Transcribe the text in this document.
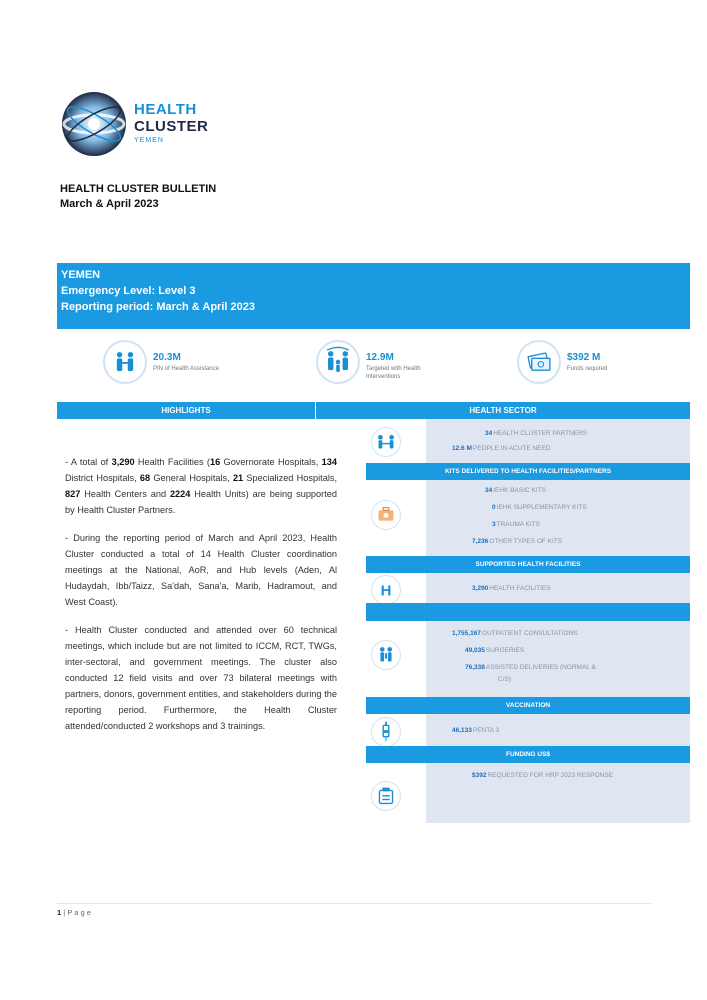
HEALTH
CLUSTER
YEMEN
HEALTH CLUSTER BULLETIN
March & April 2023
YEMEN
Emergency Level: Level 3
Reporting period: March & April 2023
20.3M
PIN of Health Assistance
12.9M
Targeted with Health Interventions
$392 M
Funds required
HIGHLIGHTS	HEALTH SECTOR

- A total of 3,290 Health Facilities (16 Governorate Hospitals, 134 District Hospitals, 68 General Hospitals, 21 Specialized Hospitals, 827 Health Centers and 2224 Health Units) are being supported by Health Cluster Partners.

- During the reporting period of March and April 2023, Health Cluster conducted a total of 14 Health Cluster coordination meetings at the National, AoR, and Hub levels (Aden, Al Hudaydah, Ibb/Taizz, Sa'dah, Sana'a, Marib, Hadramout, and West Coast).

- Health Cluster conducted and attended over 60 technical meetings, which include but are not limited to ICCM, RCT, TWGs, inter-sectoral, and government meetings. The cluster also conducted 12 field visits and over 73 bilateral meetings with partners, donors, government entities, and stakeholders during the reporting period. Furthermore, the Health Cluster attended/conducted 2 workshops and 3 trainings.

34HEALTH CLUSTER PARTNERS
12.6 MPEOPLE IN ACUTE NEED
KITS DELIVERED TO HEALTH FACILITIES/PARTNERS
34IEHK BASIC KITS
0IEHK SUPPLEMENTARY KITS
3TRAUMA KITS
7,236OTHER TYPES OF KITS
SUPPORTED HEALTH FACILITIES
H	3,290HEALTH FACILITIES
1,755,167OUTPATIENT CONSULTATIONS
49,035SURGERIES
76,338ASSISTED DELIVERIES (NORMAL &
C/S)
VACCINATION
46,133PENTA 3
FUNDING US$
$392REQUESTED FOR HRP 2023 RESPONSE
1 | P a g e
